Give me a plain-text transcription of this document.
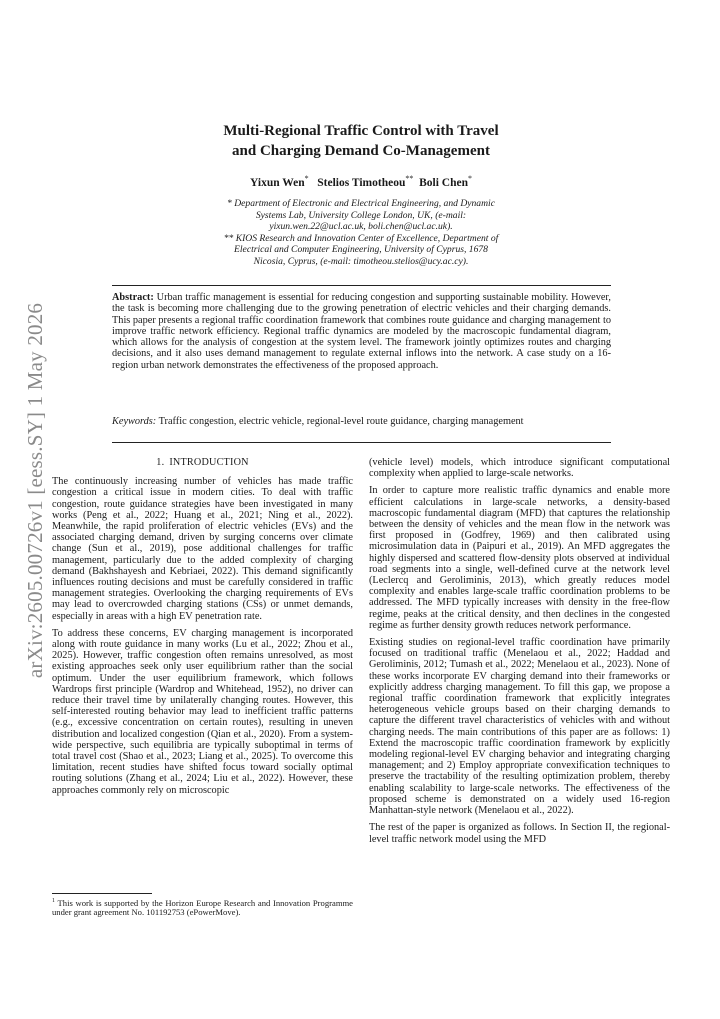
arXiv:2605.00726v1 [eess.SY] 1 May 2026
Multi-Regional Traffic Control with Travel
and Charging Demand Co-Management
Yixun Wen* Stelios Timotheou** Boli Chen*
* Department of Electronic and Electrical Engineering, and Dynamic
Systems Lab, University College London, UK, (e-mail:
yixun.wen.22@ucl.ac.uk, boli.chen@ucl.ac.uk).
** KIOS Research and Innovation Center of Excellence, Department of
Electrical and Computer Engineering, University of Cyprus, 1678
Nicosia, Cyprus, (e-mail: timotheou.stelios@ucy.ac.cy).
Abstract: Urban traffic management is essential for reducing congestion and supporting sustainable mobility. However, the task is becoming more challenging due to the growing penetration of electric vehicles and their charging demands. This paper presents a regional traffic coordination framework that combines route guidance and charging management to improve traffic network efficiency. Regional traffic dynamics are modeled by the macroscopic fundamental diagram, which allows for the analysis of congestion at the system level. The framework jointly optimizes routes and charging decisions, and it also uses demand management to regulate external inflows into the network. A case study on a 16-region urban network demonstrates the effectiveness of the proposed approach.
Keywords: Traffic congestion, electric vehicle, regional-level route guidance, charging management
1. INTRODUCTION

The continuously increasing number of vehicles has made traffic congestion a critical issue in modern cities. To deal with traffic congestion, route guidance strategies have been investigated in many works (Peng et al., 2022; Huang et al., 2021; Ning et al., 2022). Meanwhile, the rapid proliferation of electric vehicles (EVs) and the associated charging demand, driven by surging concerns over climate change (Sun et al., 2019), pose additional challenges for traffic management, particularly due to the added complexity of charging demand (Bakhshayesh and Kebriaei, 2022). This demand significantly influences routing decisions and must be carefully considered in traffic management strategies. Overlooking the charging requirements of EVs may lead to overcrowded charging stations (CSs) or unmet demands, especially in areas with a high EV penetration rate.

To address these concerns, EV charging management is incorporated along with route guidance in many works (Lu et al., 2022; Zhou et al., 2025). However, traffic congestion often remains unresolved, as most existing approaches seek only user equilibrium rather than the social optimum. Under the user equilibrium framework, which follows Wardrops first principle (Wardrop and Whitehead, 1952), no driver can reduce their travel time by unilaterally changing routes. However, this self-interested routing behavior may lead to inefficient traffic patterns (e.g., excessive concentration on certain routes), resulting in uneven distribution and localized congestion (Qian et al., 2020). From a system-wide perspective, such equilibria are typically suboptimal in terms of total travel cost (Shao et al., 2023; Liang et al., 2025). To overcome this limitation, recent studies have shifted focus toward socially optimal routing solutions (Zhang et al., 2024; Liu et al., 2022). However, these approaches commonly rely on microscopic

(vehicle level) models, which introduce significant computational complexity when applied to large-scale networks.

In order to capture more realistic traffic dynamics and enable more efficient calculations in large-scale networks, a density-based macroscopic fundamental diagram (MFD) that captures the relationship between the density of vehicles and the mean flow in the network was first proposed in (Godfrey, 1969) and then calibrated using microsimulation data in (Paipuri et al., 2019). An MFD aggregates the highly dispersed and scattered flow-density plots observed at individual road segments into a single, well-defined curve at the network level (Leclercq and Geroliminis, 2013), which greatly reduces model complexity and enables large-scale traffic coordination problems to be addressed. The MFD typically increases with density in the free-flow regime, peaks at the critical density, and then declines in the congested regime as further density growth reduces network performance.

Existing studies on regional-level traffic coordination have primarily focused on traditional traffic (Menelaou et al., 2022; Haddad and Geroliminis, 2012; Tumash et al., 2022; Menelaou et al., 2023). None of these works incorporate EV charging demand into their frameworks or explicitly address charging management. To fill this gap, we propose a regional traffic coordination framework that explicitly integrates heterogeneous vehicle groups based on their charging demands to capture the different travel characteristics of vehicles with and without charging needs. The main contributions of this paper are as follows: 1) Extend the macroscopic traffic coordination framework by explicitly modeling regional-level EV charging behavior and integrating charging management; and 2) Employ appropriate convexification techniques to preserve the tractability of the resulting optimization problem, thereby enabling scalability to large-scale networks. The effectiveness of the proposed scheme is demonstrated on a widely used 16-region Manhattan-style network (Menelaou et al., 2022).

The rest of the paper is organized as follows. In Section II, the regional-level traffic network model using the MFD

$^1$ This work is supported by the Horizon Europe Research and Innovation Programme under grant agreement No. 101192753 (ePowerMove).
